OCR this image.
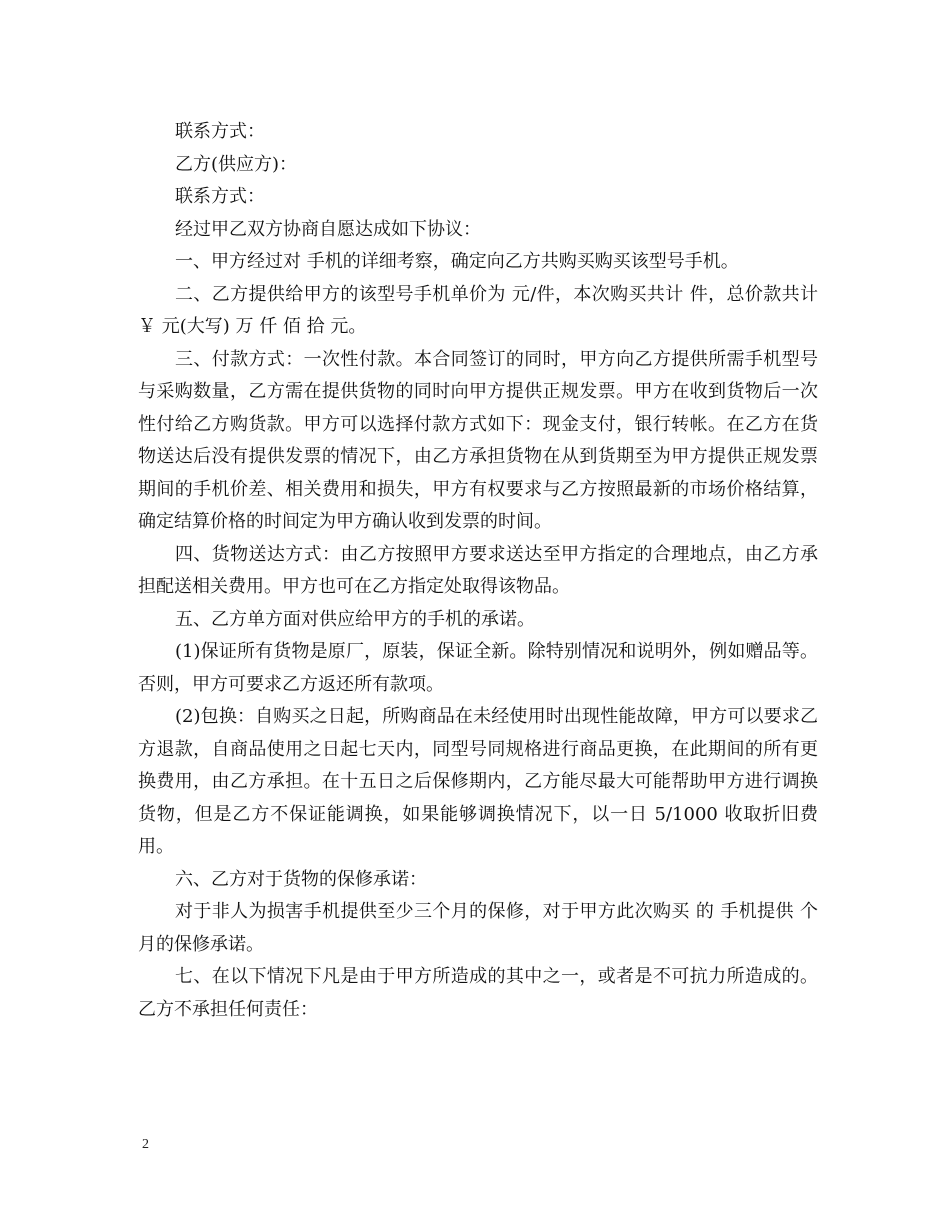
联系方式：

乙方(供应方)：

联系方式：

经过甲乙双方协商自愿达成如下协议：

一、甲方经过对 手机的详细考察，确定向乙方共购买购买该型号手机。

二、乙方提供给甲方的该型号手机单价为 元/件，本次购买共计 件，总价款共计￥ 元(大写) 万 仟 佰 拾 元。

三、付款方式：一次性付款。本合同签订的同时，甲方向乙方提供所需手机型号与采购数量，乙方需在提供货物的同时向甲方提供正规发票。甲方在收到货物后一次性付给乙方购货款。甲方可以选择付款方式如下：现金支付，银行转帐。在乙方在货物送达后没有提供发票的情况下，由乙方承担货物在从到货期至为甲方提供正规发票期间的手机价差、相关费用和损失，甲方有权要求与乙方按照最新的市场价格结算，确定结算价格的时间定为甲方确认收到发票的时间。

四、货物送达方式：由乙方按照甲方要求送达至甲方指定的合理地点，由乙方承担配送相关费用。甲方也可在乙方指定处取得该物品。

五、乙方单方面对供应给甲方的手机的承诺。

(1)保证所有货物是原厂，原装，保证全新。除特别情况和说明外，例如赠品等。否则，甲方可要求乙方返还所有款项。

(2)包换：自购买之日起，所购商品在未经使用时出现性能故障，甲方可以要求乙方退款，自商品使用之日起七天内，同型号同规格进行商品更换，在此期间的所有更换费用，由乙方承担。在十五日之后保修期内，乙方能尽最大可能帮助甲方进行调换货物，但是乙方不保证能调换，如果能够调换情况下，以一日 5/1000 收取折旧费用。

六、乙方对于货物的保修承诺：

对于非人为损害手机提供至少三个月的保修，对于甲方此次购买 的 手机提供 个月的保修承诺。

七、在以下情况下凡是由于甲方所造成的其中之一，或者是不可抗力所造成的。乙方不承担任何责任：

2
